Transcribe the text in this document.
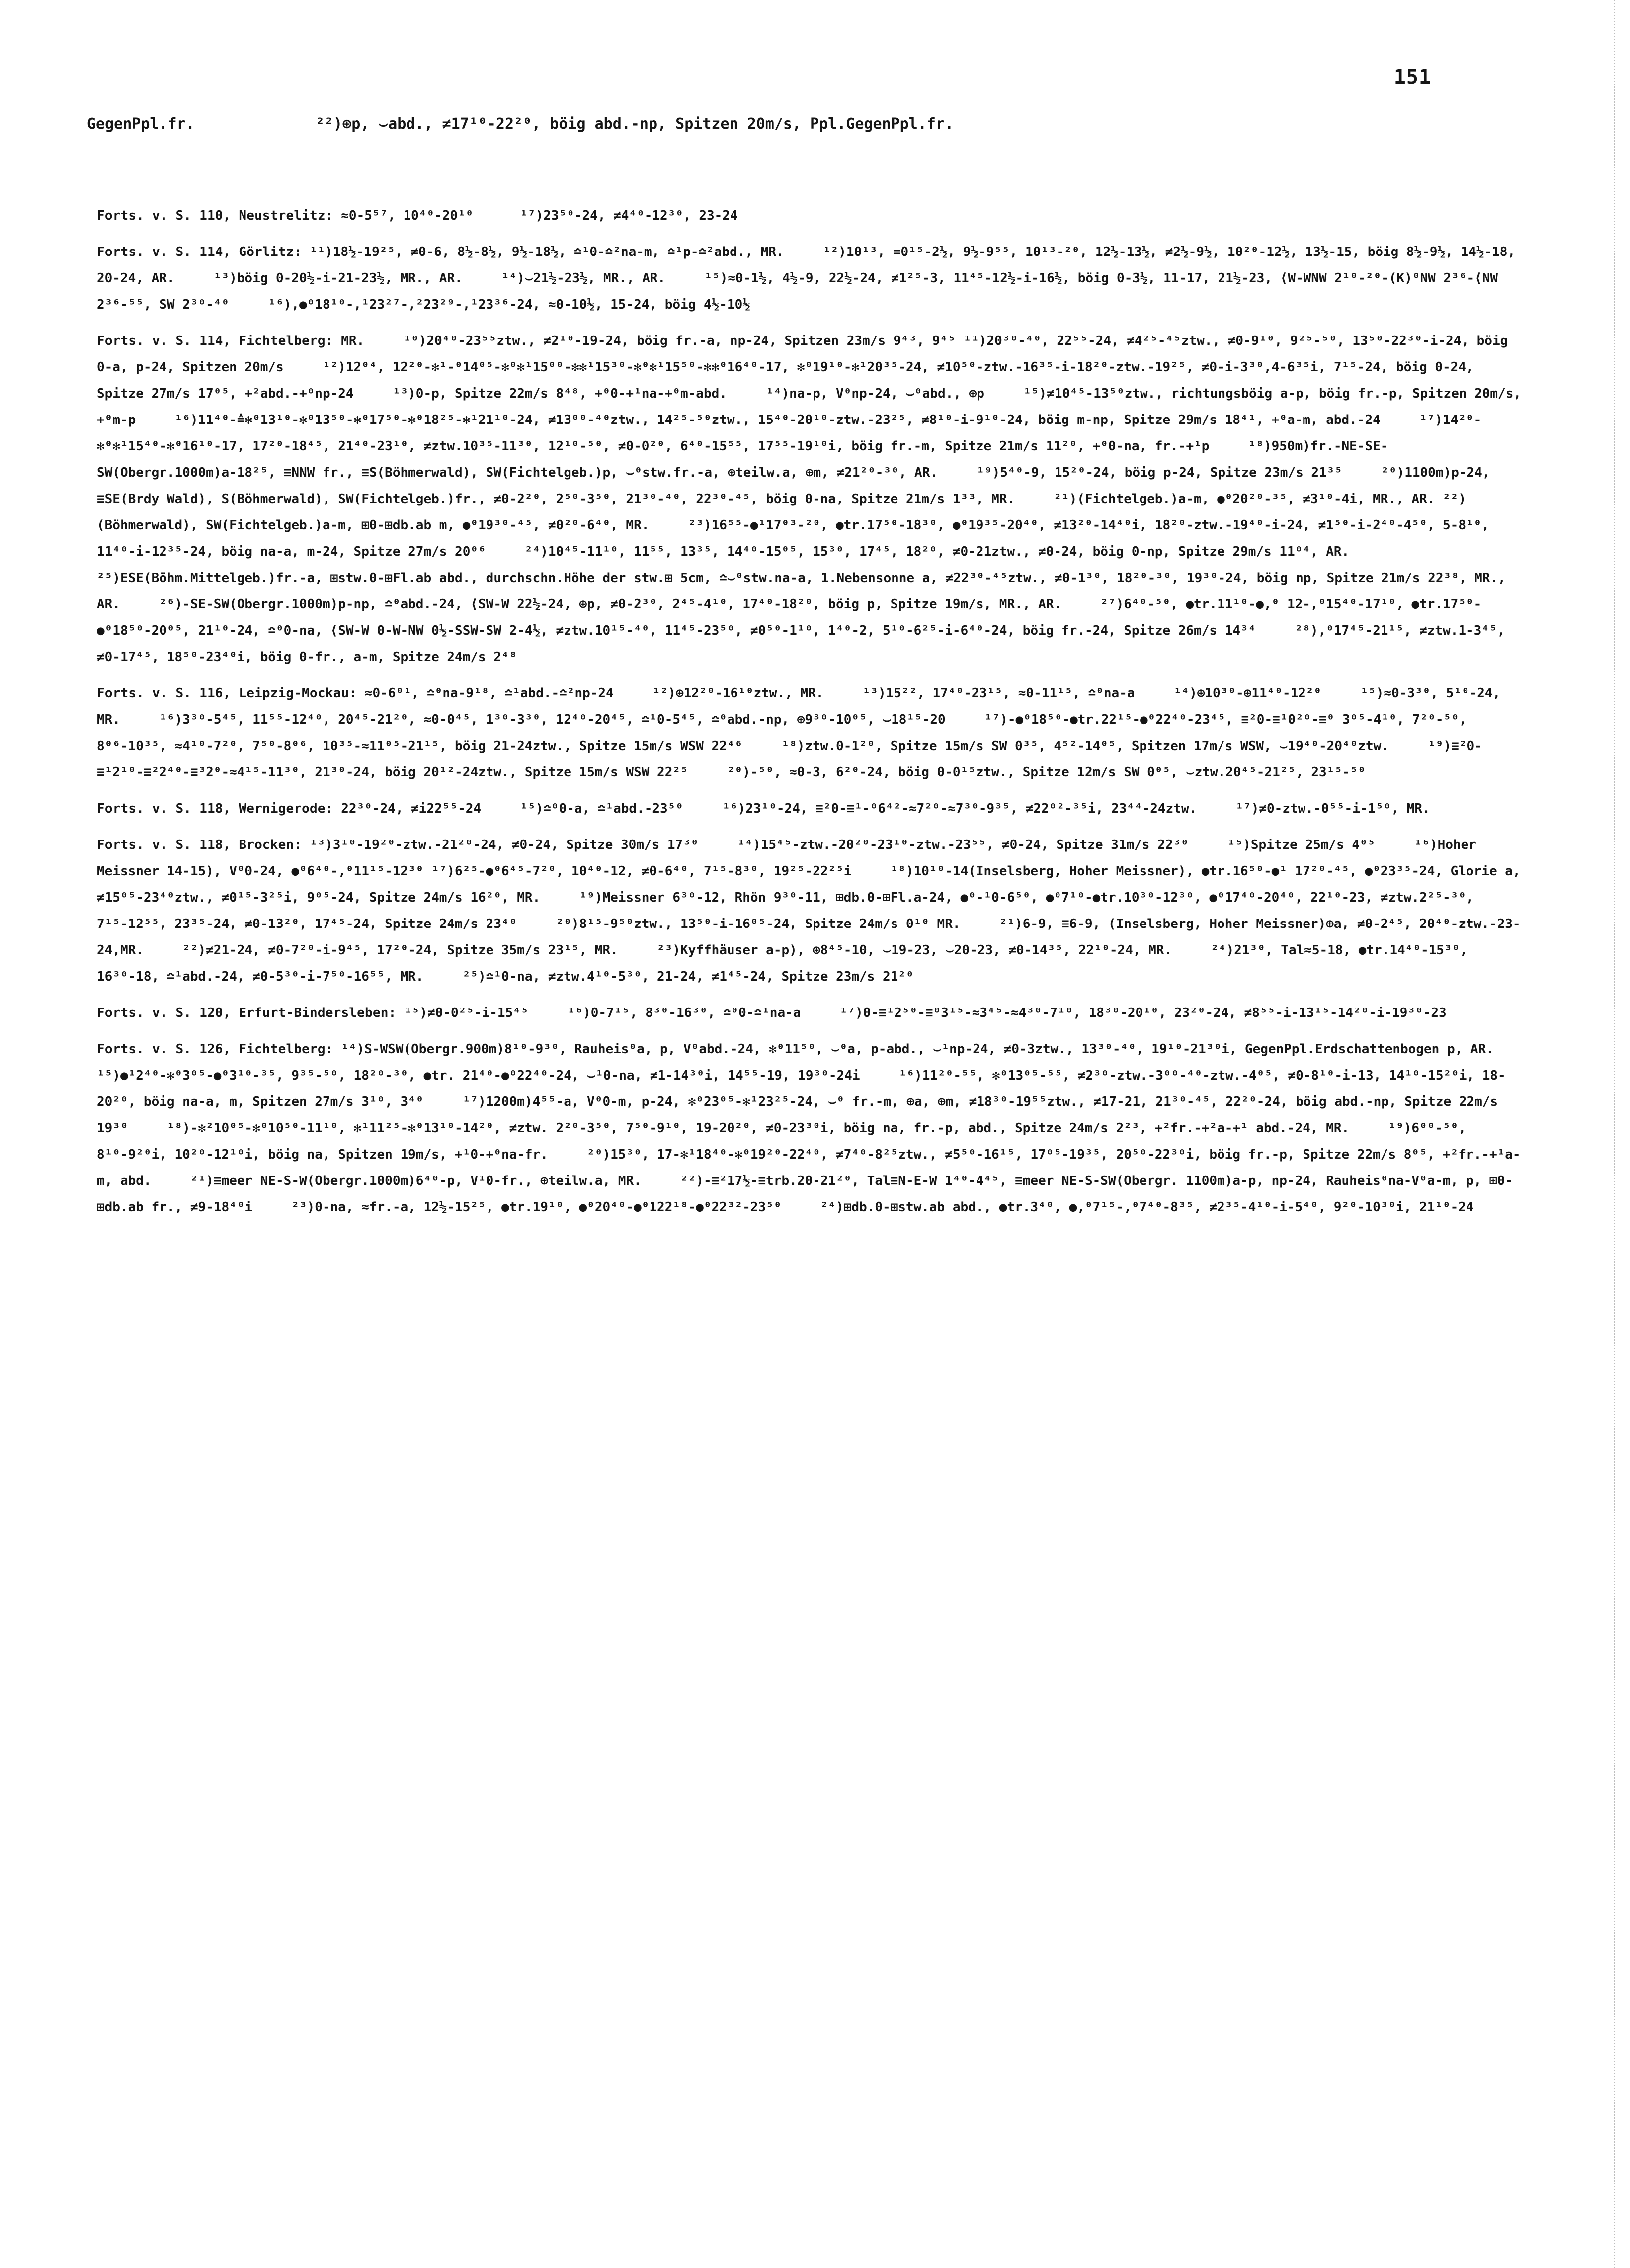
151
GegenPpl.fr.	²²)⊕p, ⌣abd., ≠17¹⁰-22²⁰, böig abd.-np, Spitzen 20m/s, Ppl.GegenPpl.fr.

Forts. v. S. 110, Neustrelitz: ≈0-5⁵⁷, 10⁴⁰-20¹⁰      ¹⁷)23⁵⁰-24, ≠4⁴⁰-12³⁰, 23-24

Forts. v. S. 114, Görlitz: ¹¹)18½-19²⁵, ≠0-6, 8½-8½, 9½-18½, ≏¹0-≏²na-m, ≏¹p-≏²abd., MR.     ¹²)10¹³, =0¹⁵-2½, 9½-9⁵⁵, 10¹³-²⁰, 12½-13½, ≠2½-9½, 10²⁰-12½, 13½-15, böig 8½-9½, 14½-18, 20-24, AR.     ¹³)böig 0-20½-i-21-23½, MR., AR.     ¹⁴)⌣21½-23½, MR., AR.     ¹⁵)≈0-1½, 4½-9, 22½-24, ≠1²⁵-3, 11⁴⁵-12½-i-16½, böig 0-3½, 11-17, 21½-23, ⟨W-WNW 2¹⁰-²⁰-(K)⁰NW 2³⁶-⟨NW 2³⁶-⁵⁵, SW 2³⁰-⁴⁰     ¹⁶),●⁰18¹⁰-,¹23²⁷-,²23²⁹-,¹23³⁶-24, ≈0-10½, 15-24, böig 4½-10½

Forts. v. S. 114, Fichtelberg: MR.     ¹⁰)20⁴⁰-23⁵⁵ztw., ≠2¹⁰-19-24, böig fr.-a, np-24, Spitzen 23m/s 9⁴³, 9⁴⁵ ¹¹)20³⁰-⁴⁰, 22⁵⁵-24, ≠4²⁵-⁴⁵ztw., ≠0-9¹⁰, 9²⁵-⁵⁰, 13⁵⁰-22³⁰-i-24, böig 0-a, p-24, Spitzen 20m/s     ¹²)12⁰⁴, 12²⁰-✻¹-⁰14⁰⁵-✻⁰✻¹15⁰⁰-✻✻¹15³⁰-✻⁰✻¹15⁵⁰-✻✻⁰16⁴⁰-17, ✻⁰19¹⁰-✻¹20³⁵-24, ≠10⁵⁰-ztw.-16³⁵-i-18²⁰-ztw.-19²⁵, ≠0-i-3³⁰,4-6³⁵i, 7¹⁵-24, böig 0-24, Spitze 27m/s 17⁰⁵, +²abd.-+⁰np-24     ¹³)0-p, Spitze 22m/s 8⁴⁸, +⁰0-+¹na-+⁰m-abd.     ¹⁴)na-p, V⁰np-24, ⌣⁰abd., ⊕p     ¹⁵)≠10⁴⁵-13⁵⁰ztw., richtungsböig a-p, böig fr.-p, Spitzen 20m/s, +⁰m-p     ¹⁶)11⁴⁰-≙✻⁰13¹⁰-✻⁰13⁵⁰-✻⁰17⁵⁰-✻⁰18²⁵-✻¹21¹⁰-24, ≠13⁰⁰-⁴⁰ztw., 14²⁵-⁵⁰ztw., 15⁴⁰-20¹⁰-ztw.-23²⁵, ≠8¹⁰-i-9¹⁰-24, böig m-np, Spitze 29m/s 18⁴¹, +⁰a-m, abd.-24     ¹⁷)14²⁰-✻⁰✻¹15⁴⁰-✻⁰16¹⁰-17, 17²⁰-18⁴⁵, 21⁴⁰-23¹⁰, ≠ztw.10³⁵-11³⁰, 12¹⁰-⁵⁰, ≠0-0²⁰, 6⁴⁰-15⁵⁵, 17⁵⁵-19¹⁰i, böig fr.-m, Spitze 21m/s 11²⁰, +⁰0-na, fr.-+¹p     ¹⁸)950m)fr.-NE-SE-SW(Obergr.1000m)a-18²⁵, ≡NNW fr., ≡S(Böhmerwald), SW(Fichtelgeb.)p, ⌣⁰stw.fr.-a, ⊕teilw.a, ⊕m, ≠21²⁰-³⁰, AR.     ¹⁹)5⁴⁰-9, 15²⁰-24, böig p-24, Spitze 23m/s 21³⁵     ²⁰)1100m)p-24, ≡SE(Brdy Wald), S(Böhmerwald), SW(Fichtelgeb.)fr., ≠0-2²⁰, 2⁵⁰-3⁵⁰, 21³⁰-⁴⁰, 22³⁰-⁴⁵, böig 0-na, Spitze 21m/s 1³³, MR.     ²¹)(Fichtelgeb.)a-m, ●⁰20²⁰-³⁵, ≠3¹⁰-4i, MR., AR. ²²)(Böhmerwald), SW(Fichtelgeb.)a-m, ⊞0-⊞db.ab m, ●⁰19³⁰-⁴⁵, ≠0²⁰-6⁴⁰, MR.     ²³)16⁵⁵-●¹17⁰³-²⁰, ●tr.17⁵⁰-18³⁰, ●⁰19³⁵-20⁴⁰, ≠13²⁰-14⁴⁰i, 18²⁰-ztw.-19⁴⁰-i-24, ≠1⁵⁰-i-2⁴⁰-4⁵⁰, 5-8¹⁰, 11⁴⁰-i-12³⁵-24, böig na-a, m-24, Spitze 27m/s 20⁰⁶     ²⁴)10⁴⁵-11¹⁰, 11⁵⁵, 13³⁵, 14⁴⁰-15⁰⁵, 15³⁰, 17⁴⁵, 18²⁰, ≠0-21ztw., ≠0-24, böig 0-np, Spitze 29m/s 11⁰⁴, AR. ²⁵)ESE(Böhm.Mittelgeb.)fr.-a, ⊞stw.0-⊞Fl.ab abd., durchschn.Höhe der stw.⊞ 5cm, ≏⌣⁰stw.na-a, 1.Nebensonne a, ≠22³⁰-⁴⁵ztw., ≠0-1³⁰, 18²⁰-³⁰, 19³⁰-24, böig np, Spitze 21m/s 22³⁸, MR., AR.     ²⁶)-SE-SW(Obergr.1000m)p-np, ≏⁰abd.-24, ⟨SW-W 22½-24, ⊕p, ≠0-2³⁰, 2⁴⁵-4¹⁰, 17⁴⁰-18²⁰, böig p, Spitze 19m/s, MR., AR.     ²⁷)6⁴⁰-⁵⁰, ●tr.11¹⁰-●,⁰ 12-,⁰15⁴⁰-17¹⁰, ●tr.17⁵⁰-●⁰18⁵⁰-20⁰⁵, 21¹⁰-24, ≏⁰0-na, ⟨SW-W 0-W-NW 0½-SSW-SW 2-4½, ≠ztw.10¹⁵-⁴⁰, 11⁴⁵-23⁵⁰, ≠0⁵⁰-1¹⁰, 1⁴⁰-2, 5¹⁰-6²⁵-i-6⁴⁰-24, böig fr.-24, Spitze 26m/s 14³⁴     ²⁸),⁰17⁴⁵-21¹⁵, ≠ztw.1-3⁴⁵, ≠0-17⁴⁵, 18⁵⁰-23⁴⁰i, böig 0-fr., a-m, Spitze 24m/s 2⁴⁸

Forts. v. S. 116, Leipzig-Mockau: ≈0-6⁰¹, ≏⁰na-9¹⁸, ≏¹abd.-≏²np-24     ¹²)⊕12²⁰-16¹⁰ztw., MR.     ¹³)15²², 17⁴⁰-23¹⁵, ≈0-11¹⁵, ≏⁰na-a     ¹⁴)⊕10³⁰-⊕11⁴⁰-12²⁰     ¹⁵)≈0-3³⁰, 5¹⁰-24, MR.     ¹⁶)3³⁰-5⁴⁵, 11⁵⁵-12⁴⁰, 20⁴⁵-21²⁰, ≈0-0⁴⁵, 1³⁰-3³⁰, 12⁴⁰-20⁴⁵, ≏¹0-5⁴⁵, ≏⁰abd.-np, ⊕9³⁰-10⁰⁵, ⌣18¹⁵-20     ¹⁷)-●⁰18⁵⁰-●tr.22¹⁵-●⁰22⁴⁰-23⁴⁵, ≡²0-≡¹0²⁰-≡⁰ 3⁰⁵-4¹⁰, 7²⁰-⁵⁰, 8⁰⁶-10³⁵, ≈4¹⁰-7²⁰, 7⁵⁰-8⁰⁶, 10³⁵-≈11⁰⁵-21¹⁵, böig 21-24ztw., Spitze 15m/s WSW 22⁴⁶     ¹⁸)ztw.0-1²⁰, Spitze 15m/s SW 0³⁵, 4⁵²-14⁰⁵, Spitzen 17m/s WSW, ⌣19⁴⁰-20⁴⁰ztw.     ¹⁹)≡²0-≡¹2¹⁰-≡²2⁴⁰-≡³2⁰-≈4¹⁵-11³⁰, 21³⁰-24, böig 20¹²-24ztw., Spitze 15m/s WSW 22²⁵     ²⁰)-⁵⁰, ≈0-3, 6²⁰-24, böig 0-0¹⁵ztw., Spitze 12m/s SW 0⁰⁵, ⌣ztw.20⁴⁵-21²⁵, 23¹⁵-⁵⁰

Forts. v. S. 118, Wernigerode: 22³⁰-24, ≠i22⁵⁵-24     ¹⁵)≏⁰0-a, ≏¹abd.-23⁵⁰     ¹⁶)23¹⁰-24, ≡²0-≡¹-⁰6⁴²-≈7²⁰-≈7³⁰-9³⁵, ≠22⁰²-³⁵i, 23⁴⁴-24ztw.     ¹⁷)≠0-ztw.-0⁵⁵-i-1⁵⁰, MR.

Forts. v. S. 118, Brocken: ¹³)3¹⁰-19²⁰-ztw.-21²⁰-24, ≠0-24, Spitze 30m/s 17³⁰     ¹⁴)15⁴⁵-ztw.-20²⁰-23¹⁰-ztw.-23⁵⁵, ≠0-24, Spitze 31m/s 22³⁰     ¹⁵)Spitze 25m/s 4⁰⁵     ¹⁶)Hoher Meissner 14-15), V⁰0-24, ●⁰6⁴⁰-,⁰11¹⁵-12³⁰ ¹⁷)6²⁵-●⁰6⁴⁵-7²⁰, 10⁴⁰-12, ≠0-6⁴⁰, 7¹⁵-8³⁰, 19²⁵-22²⁵i     ¹⁸)10¹⁰-14(Inselsberg, Hoher Meissner), ●tr.16⁵⁰-●¹ 17²⁰-⁴⁵, ●⁰23³⁵-24, Glorie a, ≠15⁰⁵-23⁴⁰ztw., ≠0¹⁵-3²⁵i, 9⁰⁵-24, Spitze 24m/s 16²⁰, MR.     ¹⁹)Meissner 6³⁰-12, Rhön 9³⁰-11, ⊞db.0-⊞Fl.a-24, ●⁰-¹0-6⁵⁰, ●⁰7¹⁰-●tr.10³⁰-12³⁰, ●⁰17⁴⁰-20⁴⁰, 22¹⁰-23, ≠ztw.2²⁵-³⁰, 7¹⁵-12⁵⁵, 23³⁵-24, ≠0-13²⁰, 17⁴⁵-24, Spitze 24m/s 23⁴⁰     ²⁰)8¹⁵-9⁵⁰ztw., 13⁵⁰-i-16⁰⁵-24, Spitze 24m/s 0¹⁰ MR.     ²¹)6-9, ≡6-9, (Inselsberg, Hoher Meissner)⊕a, ≠0-2⁴⁵, 20⁴⁰-ztw.-23-24,MR.     ²²)≠21-24, ≠0-7²⁰-i-9⁴⁵, 17²⁰-24, Spitze 35m/s 23¹⁵, MR.     ²³)Kyffhäuser a-p), ⊕8⁴⁵-10, ⌣19-23, ⌣20-23, ≠0-14³⁵, 22¹⁰-24, MR.     ²⁴)21³⁰, Tal≈5-18, ●tr.14⁴⁰-15³⁰, 16³⁰-18, ≏¹abd.-24, ≠0-5³⁰-i-7⁵⁰-16⁵⁵, MR.     ²⁵)≏¹0-na, ≠ztw.4¹⁰-5³⁰, 21-24, ≠1⁴⁵-24, Spitze 23m/s 21²⁰

Forts. v. S. 120, Erfurt-Bindersleben: ¹⁵)≠0-0²⁵-i-15⁴⁵     ¹⁶)0-7¹⁵, 8³⁰-16³⁰, ≏⁰0-≏¹na-a     ¹⁷)0-≡¹2⁵⁰-≡⁰3¹⁵-≈3⁴⁵-≈4³⁰-7¹⁰, 18³⁰-20¹⁰, 23²⁰-24, ≠8⁵⁵-i-13¹⁵-14²⁰-i-19³⁰-23

Forts. v. S. 126, Fichtelberg: ¹⁴)S-WSW(Obergr.900m)8¹⁰-9³⁰, Rauheis⁰a, p, V⁰abd.-24, ✻⁰11⁵⁰, ⌣⁰a, p-abd., ⌣¹np-24, ≠0-3ztw., 13³⁰-⁴⁰, 19¹⁰-21³⁰i, GegenPpl.Erdschattenbogen p, AR.     ¹⁵)●¹2⁴⁰-✻⁰3⁰⁵-●⁰3¹⁰-³⁵, 9³⁵-⁵⁰, 18²⁰-³⁰, ●tr. 21⁴⁰-●⁰22⁴⁰-24, ⌣¹0-na, ≠1-14³⁰i, 14⁵⁵-19, 19³⁰-24i     ¹⁶)11²⁰-⁵⁵, ✻⁰13⁰⁵-⁵⁵, ≠2³⁰-ztw.-3⁰⁰-⁴⁰-ztw.-4⁰⁵, ≠0-8¹⁰-i-13, 14¹⁰-15²⁰i, 18-20²⁰, böig na-a, m, Spitzen 27m/s 3¹⁰, 3⁴⁰     ¹⁷)1200m)4⁵⁵-a, V⁰0-m, p-24, ✻⁰23⁰⁵-✻¹23²⁵-24, ⌣⁰ fr.-m, ⊕a, ⊕m, ≠18³⁰-19⁵⁵ztw., ≠17-21, 21³⁰-⁴⁵, 22²⁰-24, böig abd.-np, Spitze 22m/s 19³⁰     ¹⁸)-✻²10⁰⁵-✻⁰10⁵⁰-11¹⁰, ✻¹11²⁵-✻⁰13¹⁰-14²⁰, ≠ztw. 2²⁰-3⁵⁰, 7⁵⁰-9¹⁰, 19-20²⁰, ≠0-23³⁰i, böig na, fr.-p, abd., Spitze 24m/s 2²³, +²fr.-+²a-+¹ abd.-24, MR.     ¹⁹)6⁰⁰-⁵⁰, 8¹⁰-9²⁰i, 10²⁰-12¹⁰i, böig na, Spitzen 19m/s, +¹0-+⁰na-fr.     ²⁰)15³⁰, 17-✻¹18⁴⁰-✻⁰19²⁰-22⁴⁰, ≠7⁴⁰-8²⁵ztw., ≠5⁵⁰-16¹⁵, 17⁰⁵-19³⁵, 20⁵⁰-22³⁰i, böig fr.-p, Spitze 22m/s 8⁰⁵, +²fr.-+¹a-m, abd.     ²¹)≡meer NE-S-W(Obergr.1000m)6⁴⁰-p, V¹0-fr., ⊕teilw.a, MR.     ²²)-≡²17½-≡trb.20-21²⁰, Tal≡N-E-W 1⁴⁰-4⁴⁵, ≡meer NE-S-SW(Obergr. 1100m)a-p, np-24, Rauheis⁰na-V⁰a-m, p, ⊞0-⊞db.ab fr., ≠9-18⁴⁰i     ²³)0-na, ≈fr.-a, 12½-15²⁵, ●tr.19¹⁰, ●⁰20⁴⁰-●⁰122¹⁸-●⁰22³²-23⁵⁰     ²⁴)⊞db.0-⊞stw.ab abd., ●tr.3⁴⁰, ●,⁰7¹⁵-,⁰7⁴⁰-8³⁵, ≠2³⁵-4¹⁰-i-5⁴⁰, 9²⁰-10³⁰i, 21¹⁰-24
